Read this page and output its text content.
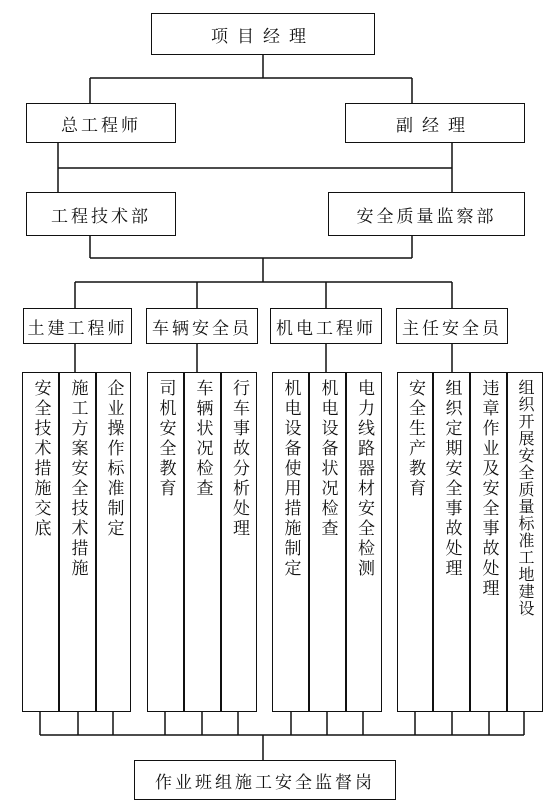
项目经理
总工程师	副经理
工程技术部	安全质量监察部
土建工程师 车辆安全员 机电工程师 主任安全员
安全技术措施交底 施工方案安全技术措施 企业操作标准制定 司机安全教育 车辆状况检查 行车事故分析处理 机电设备使用措施制定 机电设备状况检查 电力线路器材安全检测 安全生产教育 组织定期安全事故处理 违章作业及安全事故处理 组织开展安全质量标准工地建设
作业班组施工安全监督岗
